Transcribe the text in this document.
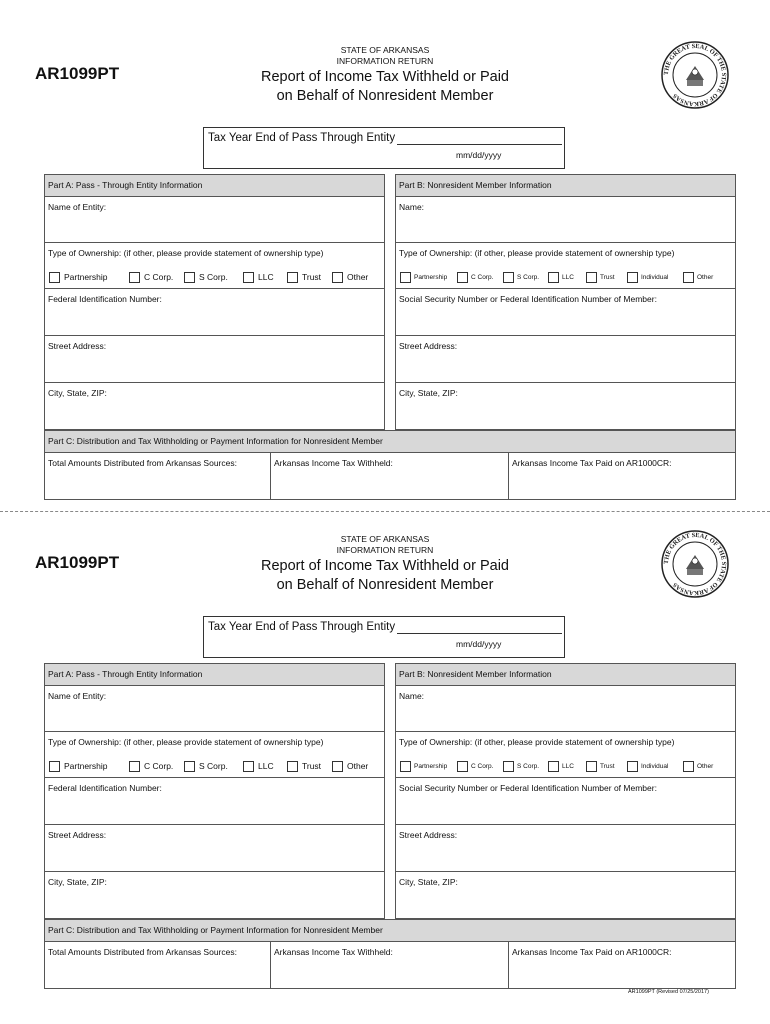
STATE OF ARKANSAS
INFORMATION RETURN
AR1099PT	Report of Income Tax Withheld or Paid
on Behalf of Nonresident Member
THE GREAT SEAL OF THE STATE OF ARKANSAS
Tax Year End of Pass Through Entity
mm/dd/yyyy
Part A: Pass - Through Entity Information
Name of Entity:
Type of Ownership: (if other, please provide statement of ownership type)
Partnership	C Corp.	S Corp.	LLC	Trust	Other
Federal Identification Number:
Street Address:
City, State, ZIP:
Part B: Nonresident Member Information
Name:
Type of Ownership: (if other, please provide statement of ownership type)
Partnership	C Corp.	S Corp.	LLC	Trust	Individual	Other
Social Security Number or Federal Identification Number of Member:
Street Address:
City, State, ZIP:
Part C: Distribution and Tax Withholding or Payment Information for Nonresident Member
Total Amounts Distributed from Arkansas Sources:	Arkansas Income Tax Withheld:	Arkansas Income Tax Paid on AR1000CR:
STATE OF ARKANSAS
INFORMATION RETURN
AR1099PT	Report of Income Tax Withheld or Paid
on Behalf of Nonresident Member
THE GREAT SEAL OF THE STATE OF ARKANSAS
Tax Year End of Pass Through Entity
mm/dd/yyyy
Part A: Pass - Through Entity Information
Name of Entity:
Type of Ownership: (if other, please provide statement of ownership type)
Partnership	C Corp.	S Corp.	LLC	Trust	Other
Federal Identification Number:
Street Address:
City, State, ZIP:
Part B: Nonresident Member Information
Name:
Type of Ownership: (if other, please provide statement of ownership type)
Partnership	C Corp.	S Corp.	LLC	Trust	Individual	Other
Social Security Number or Federal Identification Number of Member:
Street Address:
City, State, ZIP:
Part C: Distribution and Tax Withholding or Payment Information for Nonresident Member
Total Amounts Distributed from Arkansas Sources:	Arkansas Income Tax Withheld:	Arkansas Income Tax Paid on AR1000CR:
AR1099PT (Revised 07/25/2017)
